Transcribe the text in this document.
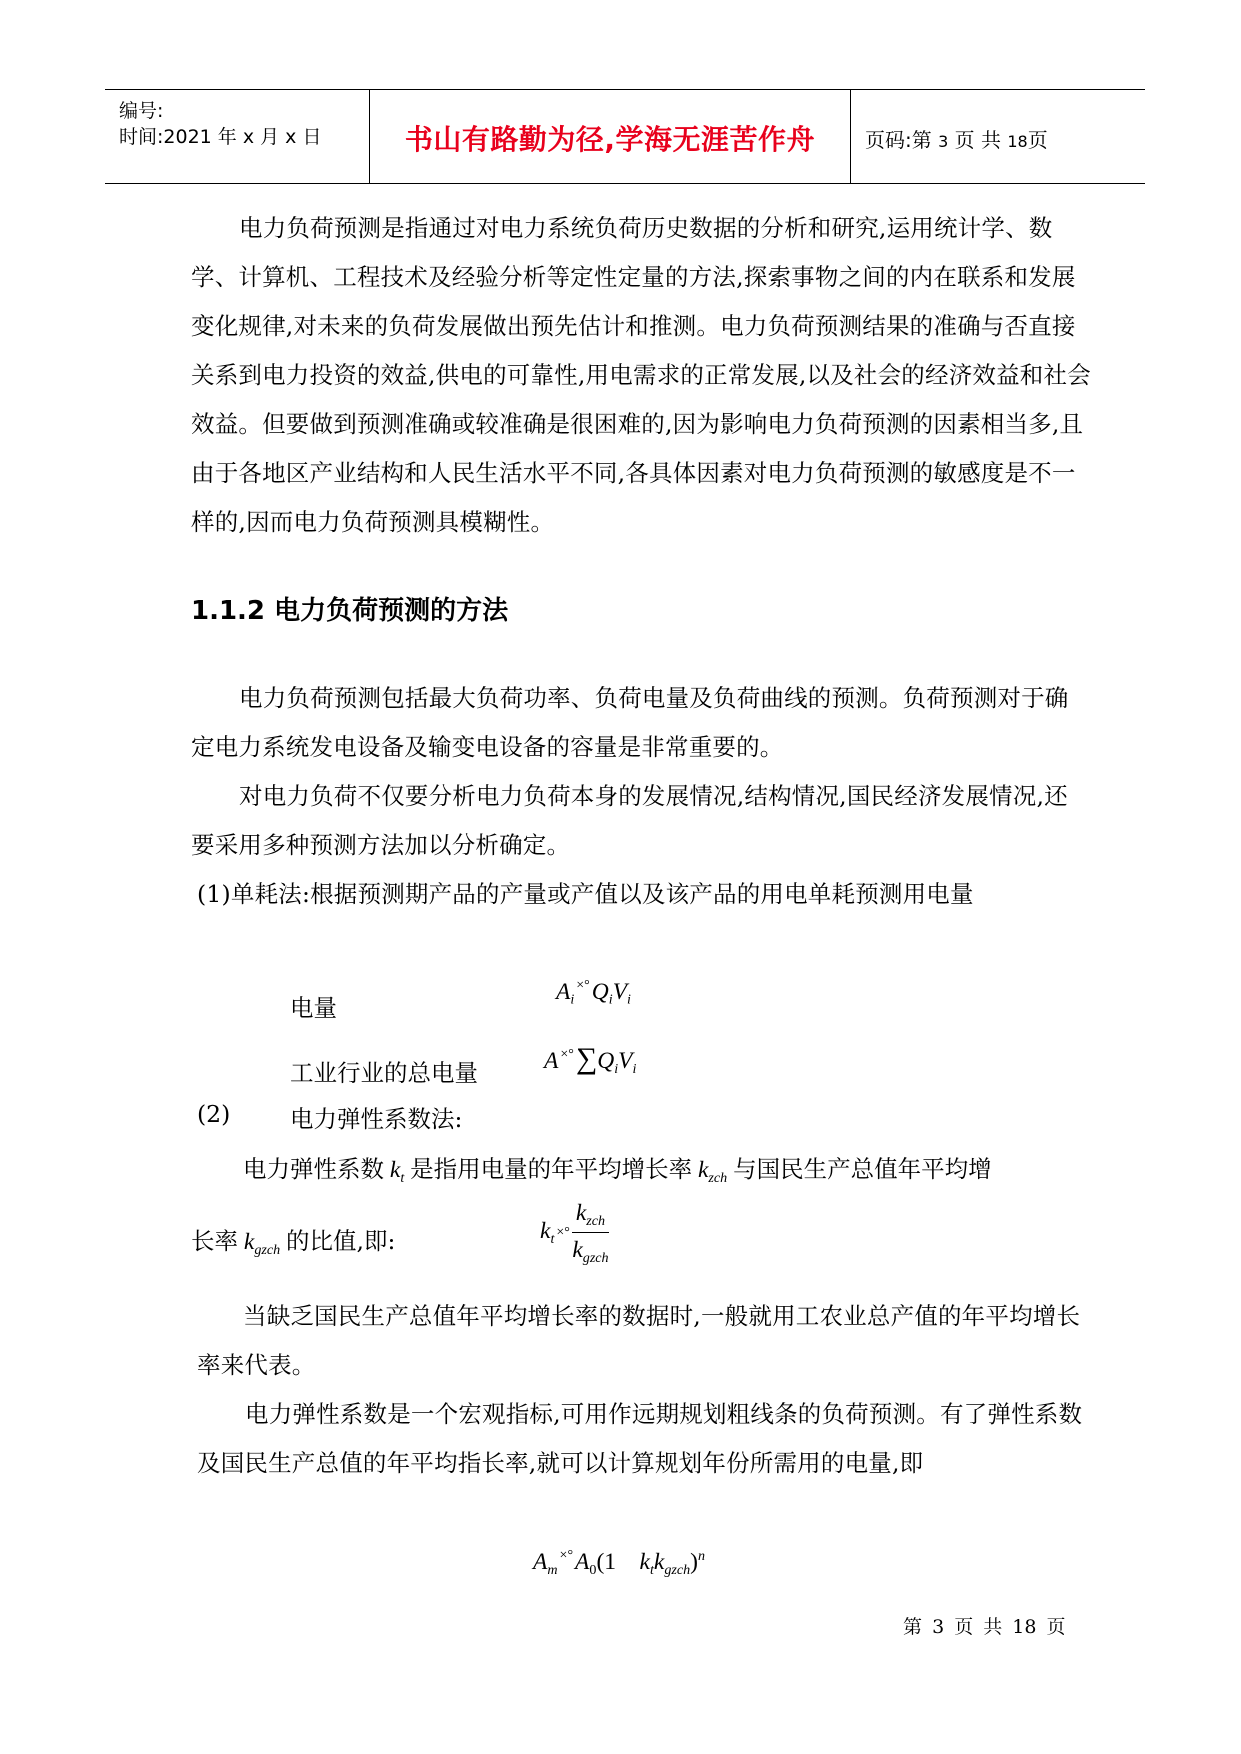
编号:
时间:2021 年 x 月 x 日	书山有路勤为径,学海无涯苦作舟	页码:第 3 页 共 18页

电力负荷预测是指通过对电力系统负荷历史数据的分析和研究,运用统计学、数学、计算机、工程技术及经验分析等定性定量的方法,探索事物之间的内在联系和发展变化规律,对未来的负荷发展做出预先估计和推测。电力负荷预测结果的准确与否直接关系到电力投资的效益,供电的可靠性,用电需求的正常发展,以及社会的经济效益和社会效益。但要做到预测准确或较准确是很困难的,因为影响电力负荷预测的因素相当多,且由于各地区产业结构和人民生活水平不同,各具体因素对电力负荷预测的敏感度是不一样的,因而电力负荷预测具模糊性。

1.1.2 电力负荷预测的方法

电力负荷预测包括最大负荷功率、负荷电量及负荷曲线的预测。负荷预测对于确定电力系统发电设备及输变电设备的容量是非常重要的。

对电力负荷不仅要分析电力负荷本身的发展情况,结构情况,国民经济发展情况,还要采用多种预测方法加以分析确定。

(1)单耗法:根据预测期产品的产量或产值以及该产品的用电单耗预测用电量

电量
$A_i^{\times^\circ}Q_iV_i$
工业行业的总电量	A $^{\times^\circ}\sum Q_iV_i$
(2)	电力弹性系数法:
电力弹性系数 $k_t$ 是指用电量的年平均增长率 $k_{zch}$ 与国民生产总值年平均增
长率 $k_{gzch}$ 的比值,即:	$k_t$ ×° $\frac{k_{zch}}{k_{gzch}}$

当缺乏国民生产总值年平均增长率的数据时,一般就用工农业总产值的年平均增长率来代表。

电力弹性系数是一个宏观指标,可用作远期规划粗线条的负荷预测。有了弹性系数及国民生产总值的年平均指长率,就可以计算规划年份所需用的电量,即

$A_m^{\times^\circ}A_0(1$    $k_tk_{gzch})^n$
第 3 页 共 18 页
